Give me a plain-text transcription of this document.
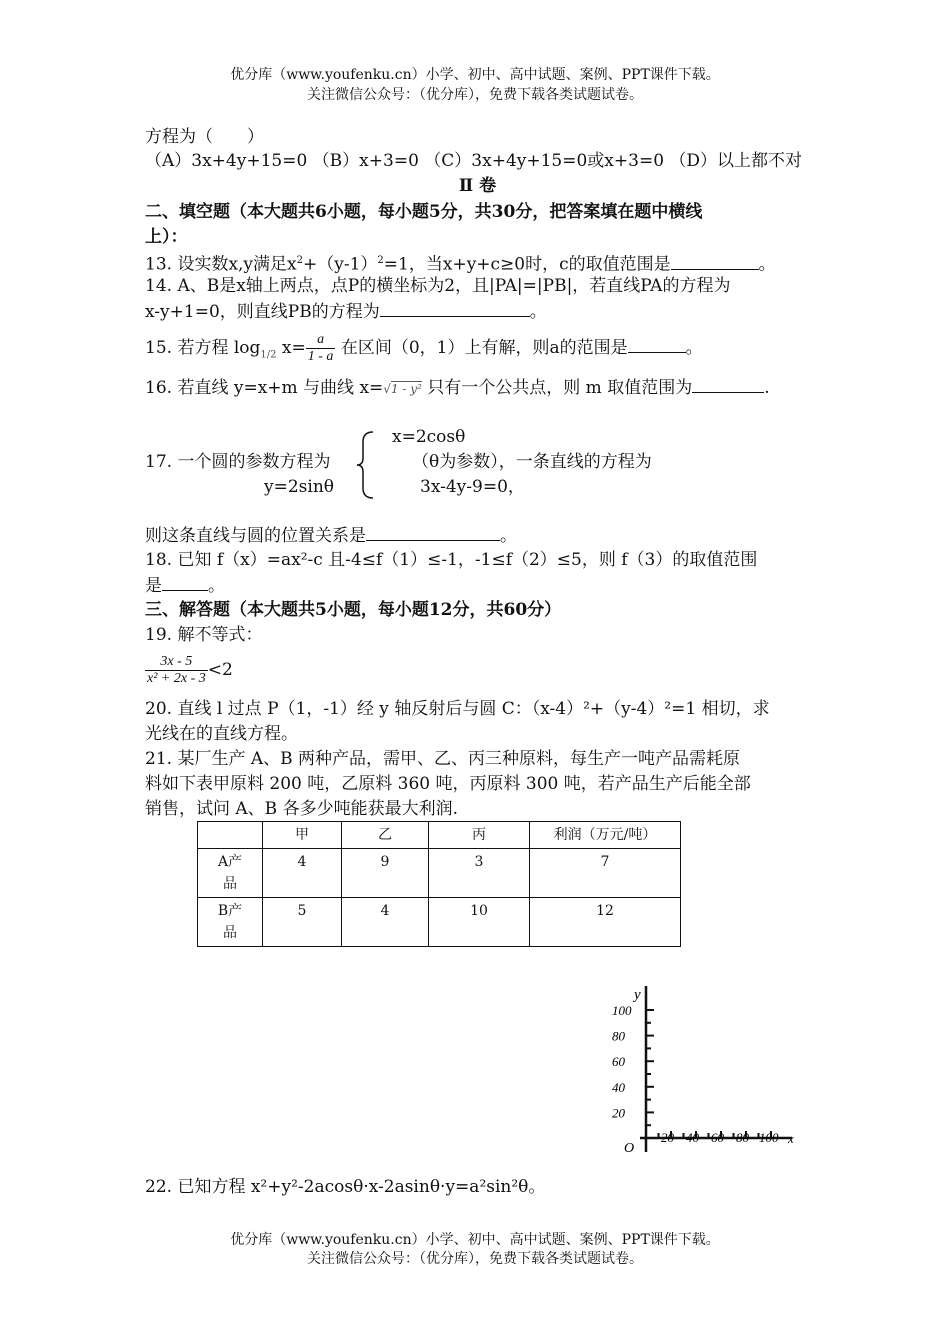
优分库（www.youfenku.cn）小学、初中、高中试题、案例、PPT课件下载。
关注微信公众号：（优分库），免费下载各类试题试卷。
方程为（　　）
（A）3x+4y+15=0 （B）x+3=0 （C）3x+4y+15=0或x+3=0 （D）以上都不对
Ⅱ 卷
二、填空题（本大题共6小题，每小题5分，共30分，把答案填在题中横线
上）：
13. 设实数x,y满足$x^2+(y-1)^2=1$，当x+y+c≥0时，c的取值范围是	。
14. A、B是x轴上两点，点P的横坐标为2，且|PA|=|PB|，若直线PA的方程为
x-y+1=0，则直线PB的方程为	。
15. 若方程 $\log_{1/2} x= \frac{a}{1 - a}$ 在区间（0，1）上有解，则a的范围是	。
16. 若直线 y=x+m 与曲线 x=√1 - y² 只有一个公共点，则 m 取值范围为	.
x=2cosθ
17. 一个圆的参数方程为	（θ为参数），一条直线的方程为
y=2sinθ	3x-4y-9=0，
则这条直线与圆的位置关系是	。
18. 已知 f（x）=ax²-c 且-4≤f（1）≤-1，-1≤f（2）≤5，则 f（3）的取值范围
是	。
三、解答题（本大题共5小题，每小题12分，共60分）
19. 解不等式：
$\frac{3x - 5}{\text{x² + 2x - 3}} <2$
20. 直线 l 过点 P（1，-1）经 y 轴反射后与圆 C：（x-4）²+（y-4）²=1 相切，求
光线在的直线方程。
21. 某厂生产 A、B 两种产品，需甲、乙、丙三种原料，每生产一吨产品需耗原
料如下表甲原料 200 吨，乙原料 360 吨，丙原料 300 吨，若产品生产后能全部
销售，试问 A、B 各多少吨能获最大利润.
	甲	乙	丙	利润（万元/吨）
A产
品	4	9	3	7
B产
品	5	4	10	12
20
40
60
80
100
20 40 60 80 100
y
x
O
22. 已知方程 x²+y²-2acosθ·x-2asinθ·y=a²sin²θ。
优分库（www.youfenku.cn）小学、初中、高中试题、案例、PPT课件下载。
关注微信公众号：（优分库），免费下载各类试题试卷。
